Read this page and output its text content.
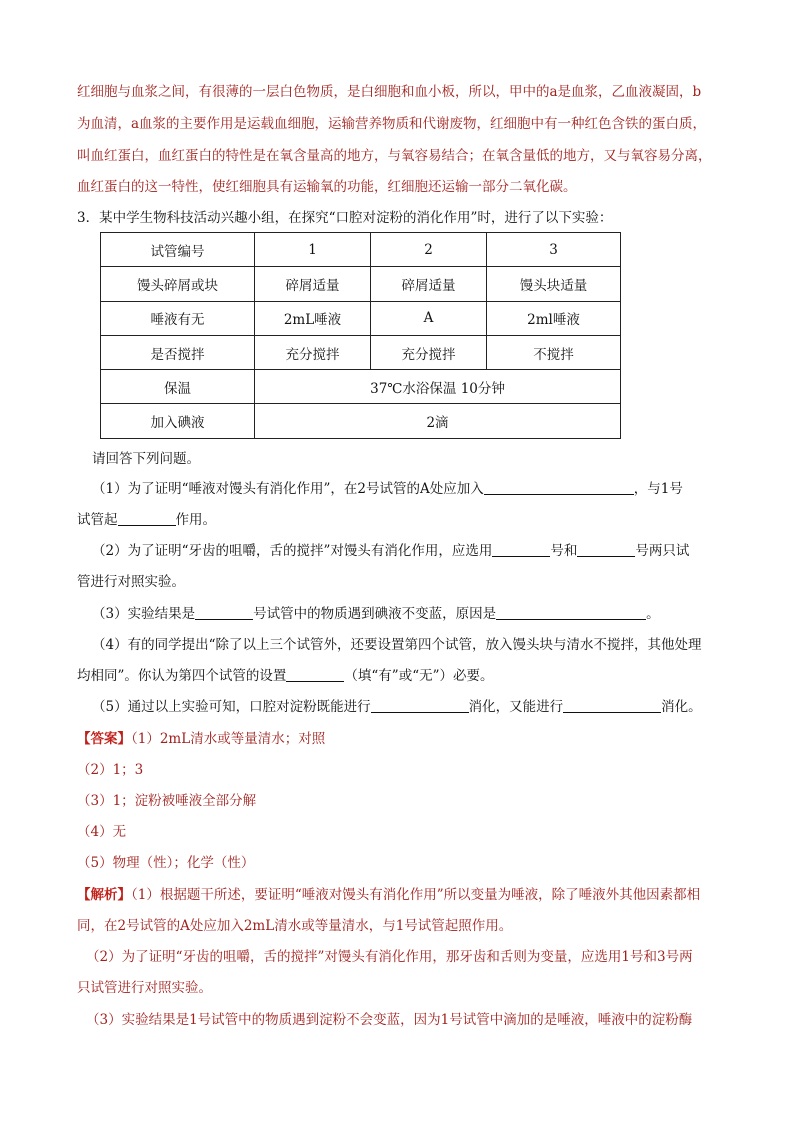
红细胞与血浆之间，有很薄的一层白色物质，是白细胞和血小板，所以，甲中的a是血浆，乙血液凝固，b
为血清，a血浆的主要作用是运载血细胞，运输营养物质和代谢废物，红细胞中有一种红色含铁的蛋白质，
叫血红蛋白，血红蛋白的特性是在氧含量高的地方，与氧容易结合；在氧含量低的地方，又与氧容易分离，
血红蛋白的这一特性，使红细胞具有运输氧的功能，红细胞还运输一部分二氧化碳。
3．某中学生物科技活动兴趣小组，在探究“口腔对淀粉的消化作用”时，进行了以下实验：
试管编号	1	2	3
馒头碎屑或块	碎屑适量	碎屑适量	馒头块适量
唾液有无	2mL唾液	A	2ml唾液
是否搅拌	充分搅拌	充分搅拌	不搅拌
保温	37℃水浴保温 10分钟		
加入碘液	2滴		
请回答下列问题。
（1）为了证明“唾液对馒头有消化作用”，在2号试管的A处应加入	，与1号
试管起	作用。
（2）为了证明“牙齿的咀嚼，舌的搅拌”对馒头有消化作用，应选用	号和	号两只试
管进行对照实验。
（3）实验结果是	号试管中的物质遇到碘液不变蓝，原因是	。
（4）有的同学提出“除了以上三个试管外，还要设置第四个试管，放入馒头块与清水不搅拌，其他处理
均相同”。你认为第四个试管的设置	（填“有”或“无”）必要。
（5）通过以上实验可知，口腔对淀粉既能进行	消化，又能进行	消化。
【答案】（1）2mL清水或等量清水；对照
（2）1；3
（3）1；淀粉被唾液全部分解
（4）无
（5）物理（性）；化学（性）
【解析】（1）根据题干所述，要证明“唾液对馒头有消化作用”所以变量为唾液，除了唾液外其他因素都相
同，在2号试管的A处应加入2mL清水或等量清水，与1号试管起照作用。
（2）为了证明“牙齿的咀嚼，舌的搅拌”对馒头有消化作用，那牙齿和舌则为变量，应选用1号和3号两
只试管进行对照实验。
（3）实验结果是1号试管中的物质遇到淀粉不会变蓝，因为1号试管中滴加的是唾液，唾液中的淀粉酶
